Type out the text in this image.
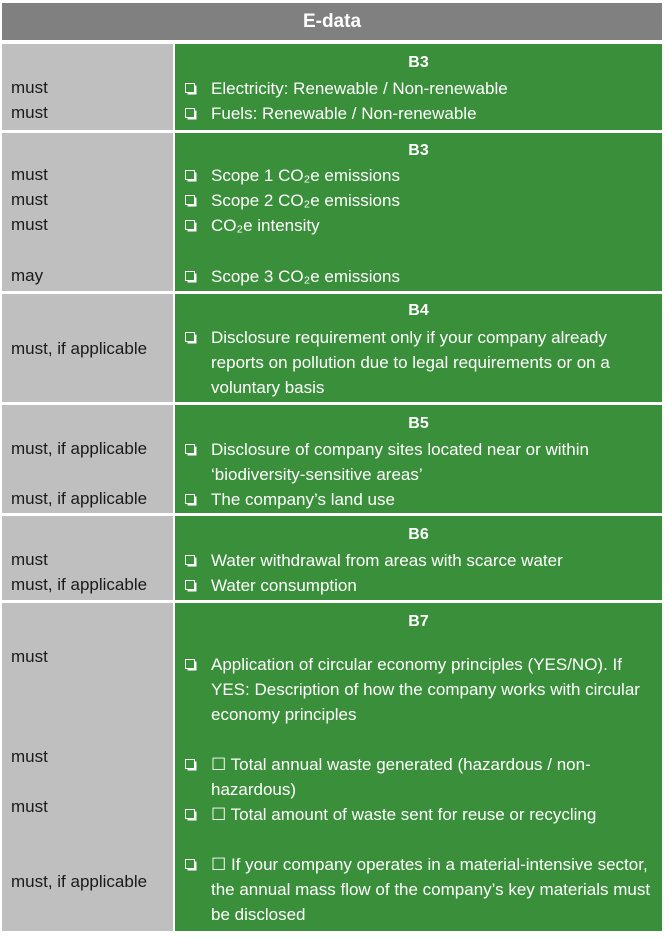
E-data
must
must
B3
Electricity: Renewable / Non-renewable
Fuels: Renewable / Non-renewable
must
must
must
may
B3
Scope 1 CO₂e emissions
Scope 2 CO₂e emissions
CO₂e intensity
Scope 3 CO₂e emissions
must, if applicable
B4
Disclosure requirement only if your company already reports on pollution due to legal requirements or on a voluntary basis
must, if applicable
must, if applicable
B5
Disclosure of company sites located near or within ‘biodiversity-sensitive areas’
The company’s land use
must
must, if applicable
B6
Water withdrawal from areas with scarce water
Water consumption
must
must
must
must, if applicable
B7
Application of circular economy principles (YES/NO). If YES: Description of how the company works with circular economy principles
☐ Total annual waste generated (hazardous / non-hazardous)
☐ Total amount of waste sent for reuse or recycling
☐ If your company operates in a material-intensive sector, the annual mass flow of the company’s key materials must be disclosed
